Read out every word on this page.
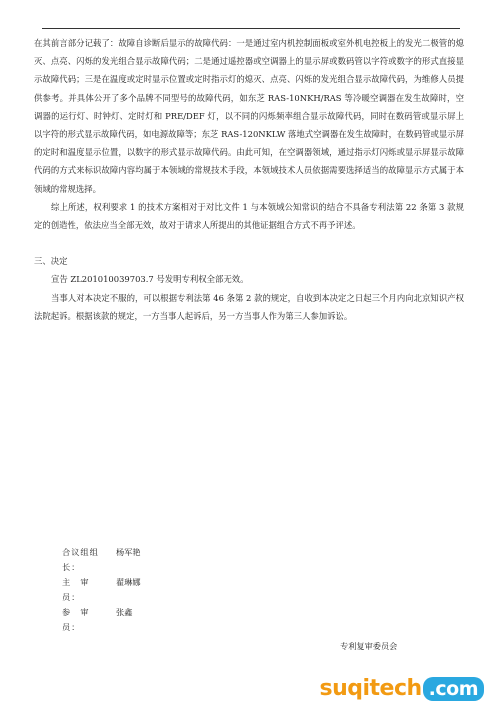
在其前言部分记载了：故障自诊断后显示的故障代码：一是通过室内机控制面板或室外机电控板上的发光二极管的熄灭、点亮、闪烁的发光组合显示故障代码；二是通过遥控器或空调器上的显示屏或数码管以字符或数字的形式直接显示故障代码；三是在温度或定时显示位置或定时指示灯的熄灭、点亮、闪烁的发光组合显示故障代码，为维修人员提供参考。并具体公开了多个品牌不同型号的故障代码，如东芝 RAS-10NKH/RAS 等冷暖空调器在发生故障时，空调器的运行灯、时钟灯、定时灯和 PRE/DEF 灯，以不同的闪烁频率组合显示故障代码，同时在数码管或显示屏上以字符的形式显示故障代码，如电源故障等；东芝 RAS-120NKLW 落地式空调器在发生故障时，在数码管或显示屏的定时和温度显示位置，以数字的形式显示故障代码。由此可知，在空调器领域，通过指示灯闪烁或显示屏显示故障代码的方式来标识故障内容均属于本领域的常规技术手段，本领域技术人员依据需要选择适当的故障显示方式属于本领域的常规选择。

综上所述，权利要求 1 的技术方案相对于对比文件 1 与本领域公知常识的结合不具备专利法第 22 条第 3 款规定的创造性，依法应当全部无效，故对于请求人所提出的其他证据组合方式不再予评述。

三、决定

宣告 ZL201010039703.7 号发明专利权全部无效。

当事人对本决定不服的，可以根据专利法第 46 条第 2 款的规定，自收到本决定之日起三个月内向北京知识产权法院起诉。根据该款的规定，一方当事人起诉后，另一方当事人作为第三人参加诉讼。

合议组组长：
杨军艳
主　审　员：
翟琳娜
参　审　员：
张鑫
专利复审委员会
suqitech .com
